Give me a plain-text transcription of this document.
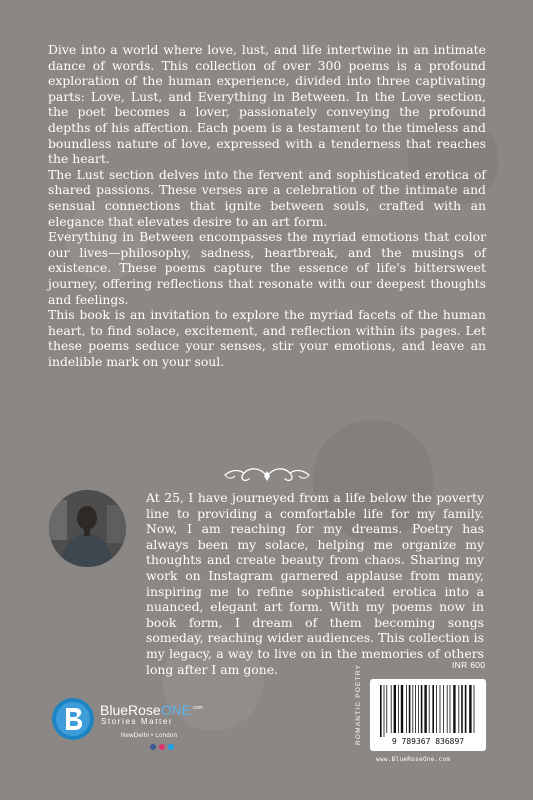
Dive into a world where love, lust, and life intertwine in an intimate dance of words. This collection of over 300 poems is a profound exploration of the human experience, divided into three captivating parts: Love, Lust, and Everything in Between. In the Love section, the poet becomes a lover, passionately conveying the profound depths of his affection. Each poem is a testament to the timeless and boundless nature of love, expressed with a tenderness that reaches the heart.

The Lust section delves into the fervent and sophisticated erotica of shared passions. These verses are a celebration of the intimate and sensual connections that ignite between souls, crafted with an elegance that elevates desire to an art form.

Everything in Between encompasses the myriad emotions that color our lives—philosophy, sadness, heartbreak, and the musings of existence. These poems capture the essence of life's bittersweet journey, offering reflections that resonate with our deepest thoughts and feelings.

This book is an invitation to explore the myriad facets of the human heart, to find solace, excitement, and reflection within its pages. Let these poems seduce your senses, stir your emotions, and leave an indelible mark on your soul.

At 25, I have journeyed from a life below the poverty line to providing a comfortable life for my family. Now, I am reaching for my dreams. Poetry has always been my solace, helping me organize my thoughts and create beauty from chaos. Sharing my work on Instagram garnered applause from many, inspiring me to refine sophisticated erotica into a nuanced, elegant art form. With my poems now in book form, I dream of them becoming songs someday, reaching wider audiences. This collection is my legacy, a way to live on in the memories of others long after I am gone.	INR 600
ROMANTIC POETRY	9 789367 836897
www.BlueRoseOne.com
BlueRoseONE$^{.com}$
Stories Matter
NewDelhi • London
